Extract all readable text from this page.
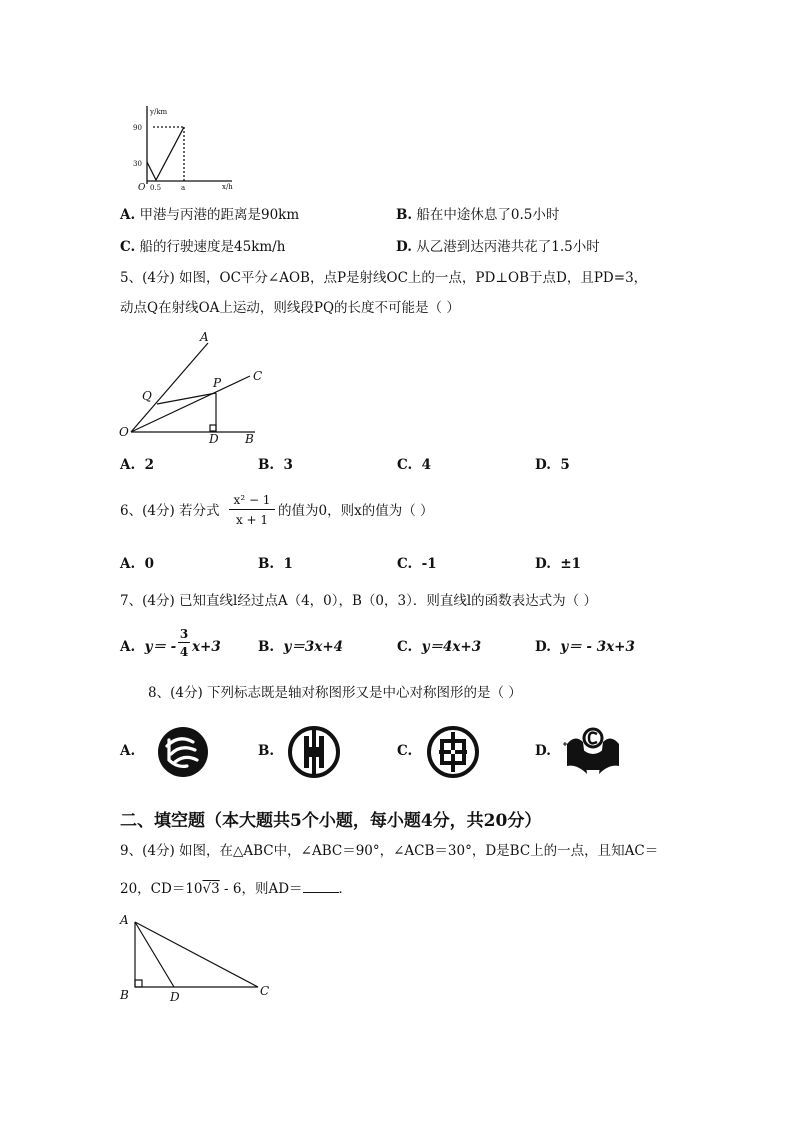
y/km
x/h
O
90
30
0.5	a
A. 甲港与丙港的距离是90km	B. 船在中途休息了0.5小时
C. 船的行驶速度是45km/h	D. 从乙港到达丙港共花了1.5小时
5、(4分) 如图，OC平分∠AOB，点P是射线OC上的一点，PD⊥OB于点D，且PD=3，
动点Q在射线OA上运动，则线段PQ的长度不可能是（ ）
A
C
P
Q
O	D B
A. 2	B. 3	C. 4	D. 5
6、(4分) 若分式 $\frac{\text{x² − 1}}{x + 1}$ 的值为0，则x的值为（ ）
A. 0	B. 1	C. -1	D. ±1
7、(4分) 已知直线l经过点A（4，0），B（0，3）．则直线l的函数表达式为（ ）
A. $y= - \frac{3}{4} x+3$	B. y＝3x+4	C. y＝4x+3	D. y＝ - 3x+3
8、(4分) 下列标志既是轴对称图形又是中心对称图形的是（ ）
A.	B.	C.	D.
二、填空题（本大题共5个小题，每小题4分，共20分）
9、(4分) 如图，在△ABC中，∠ABC＝90°，∠ACB＝30°，D是BC上的一点，且知AC＝
20，CD＝10√3 - 6，则AD＝	．
A
B	D	C
